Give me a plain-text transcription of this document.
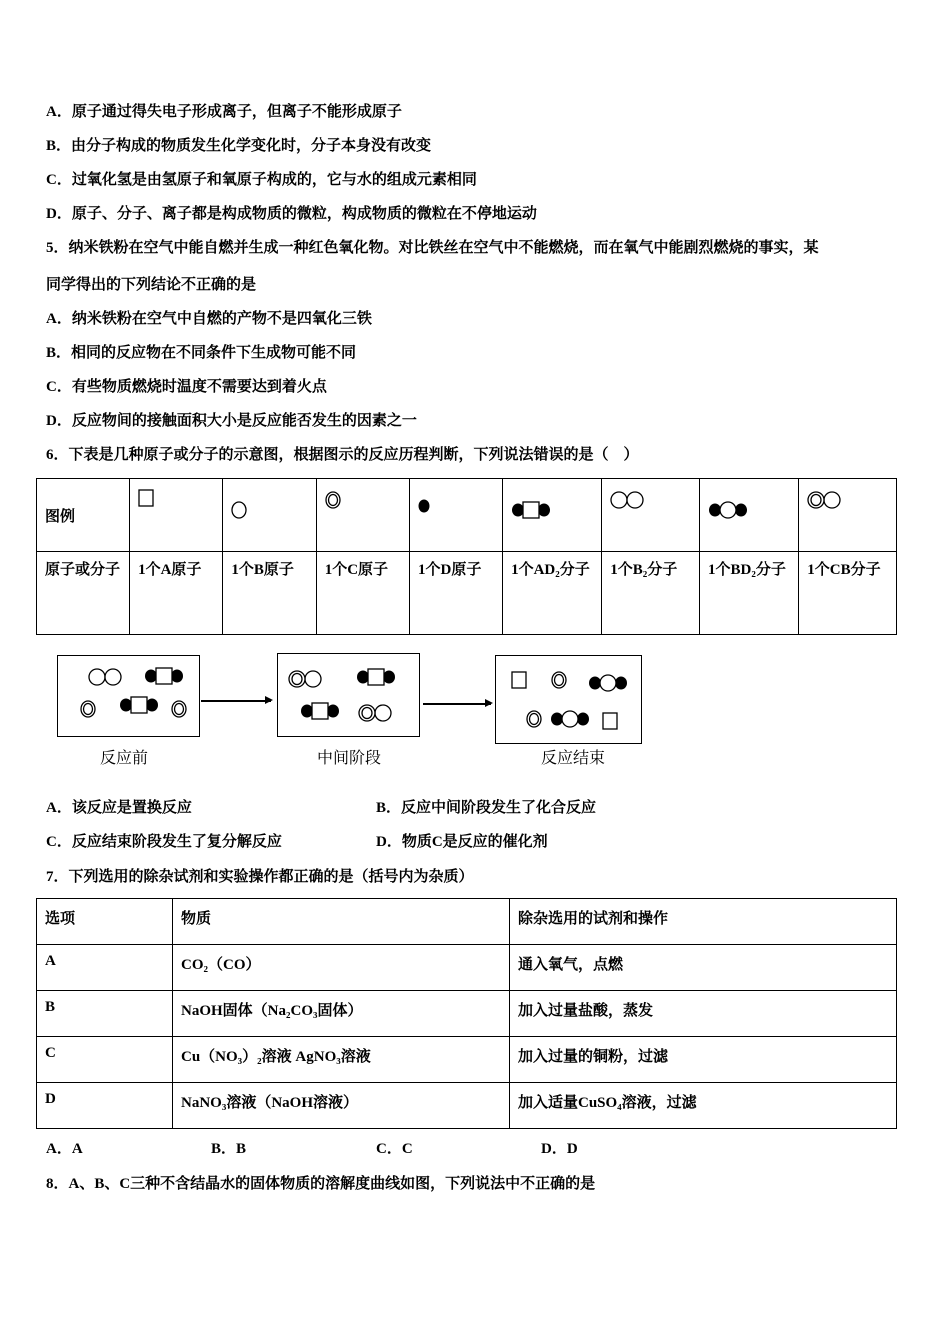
A．原子通过得失电子形成离子，但离子不能形成原子
B．由分子构成的物质发生化学变化时，分子本身没有改变
C．过氧化氢是由氢原子和氧原子构成的，它与水的组成元素相同
D．原子、分子、离子都是构成物质的微粒，构成物质的微粒在不停地运动
5．纳米铁粉在空气中能自燃并生成一种红色氧化物。对比铁丝在空气中不能燃烧，而在氧气中能剧烈燃烧的事实，某
同学得出的下列结论不正确的是
A．纳米铁粉在空气中自燃的产物不是四氧化三铁
B．相同的反应物在不同条件下生成物可能不同
C．有些物质燃烧时温度不需要达到着火点
D．反应物间的接触面积大小是反应能否发生的因素之一
6．下表是几种原子或分子的示意图，根据图示的反应历程判断，下列说法错误的是（　）
图例								
原子或分子	1个A原子	1个B原子	1个C原子	1个D原子	1个AD₂分子	1个B₂分子	1个BD₂分子	1个CB分子
反应前	中间阶段	反应结束
A．该反应是置换反应	B．反应中间阶段发生了化合反应
C．反应结束阶段发生了复分解反应	D．物质C是反应的催化剂
7．下列选用的除杂试剂和实验操作都正确的是（括号内为杂质）
选项	物质	除杂选用的试剂和操作
A	CO₂（CO）	通入氧气，点燃
B	NaOH固体（Na₂CO₃固体）	加入过量盐酸，蒸发
C	Cu（NO₃）₂溶液 AgNO₃溶液	加入过量的铜粉，过滤
D	NaNO₃溶液（NaOH溶液）	加入适量CuSO₄溶液，过滤
A．A	B．B	C．C	D．D
8．A、B、C三种不含结晶水的固体物质的溶解度曲线如图，下列说法中不正确的是
